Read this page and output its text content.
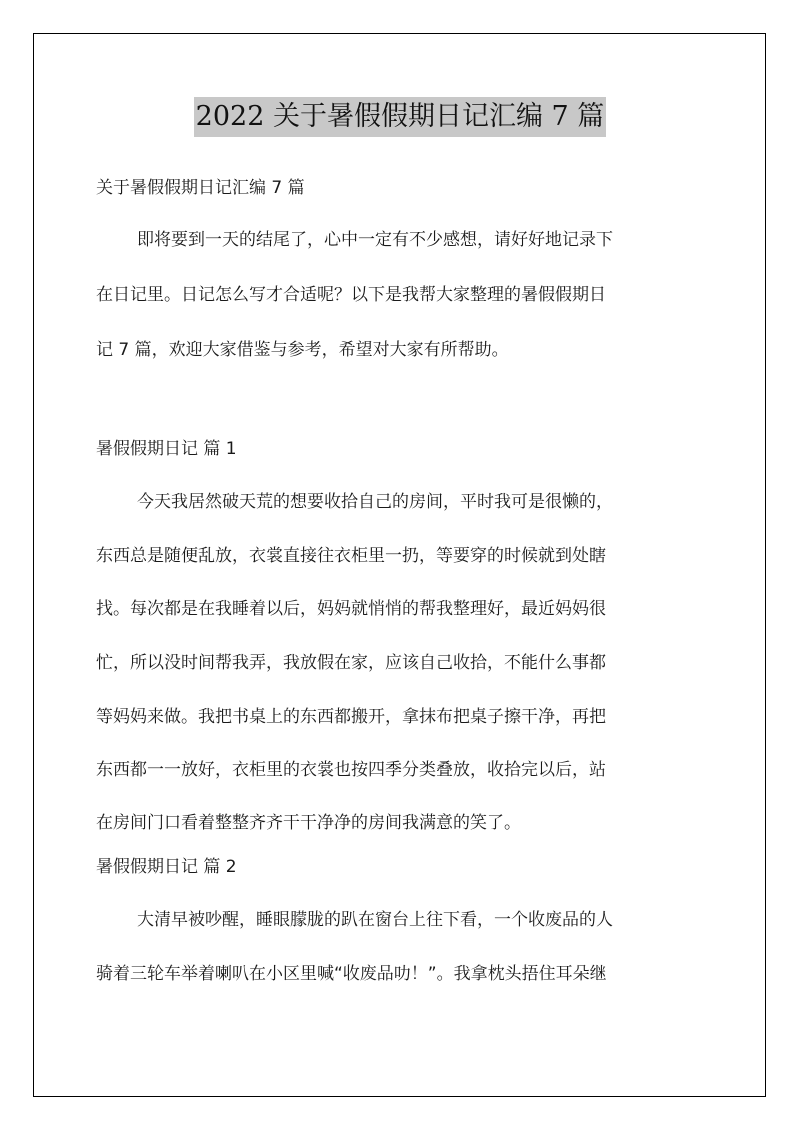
2022 关于暑假假期日记汇编 7 篇
关于暑假假期日记汇编 7 篇
即将要到一天的结尾了，心中一定有不少感想，请好好地记录下
在日记里。日记怎么写才合适呢？以下是我帮大家整理的暑假假期日
记 7 篇，欢迎大家借鉴与参考，希望对大家有所帮助。
暑假假期日记 篇 1
今天我居然破天荒的想要收拾自己的房间，平时我可是很懒的，
东西总是随便乱放，衣裳直接往衣柜里一扔，等要穿的时候就到处瞎
找。每次都是在我睡着以后，妈妈就悄悄的帮我整理好，最近妈妈很
忙，所以没时间帮我弄，我放假在家，应该自己收拾，不能什么事都
等妈妈来做。我把书桌上的东西都搬开，拿抹布把桌子擦干净，再把
东西都一一放好，衣柜里的衣裳也按四季分类叠放，收拾完以后，站
在房间门口看着整整齐齐干干净净的房间我满意的笑了。
暑假假期日记 篇 2
大清早被吵醒，睡眼朦胧的趴在窗台上往下看，一个收废品的人
骑着三轮车举着喇叭在小区里喊“收废品叻！”。我拿枕头捂住耳朵继
